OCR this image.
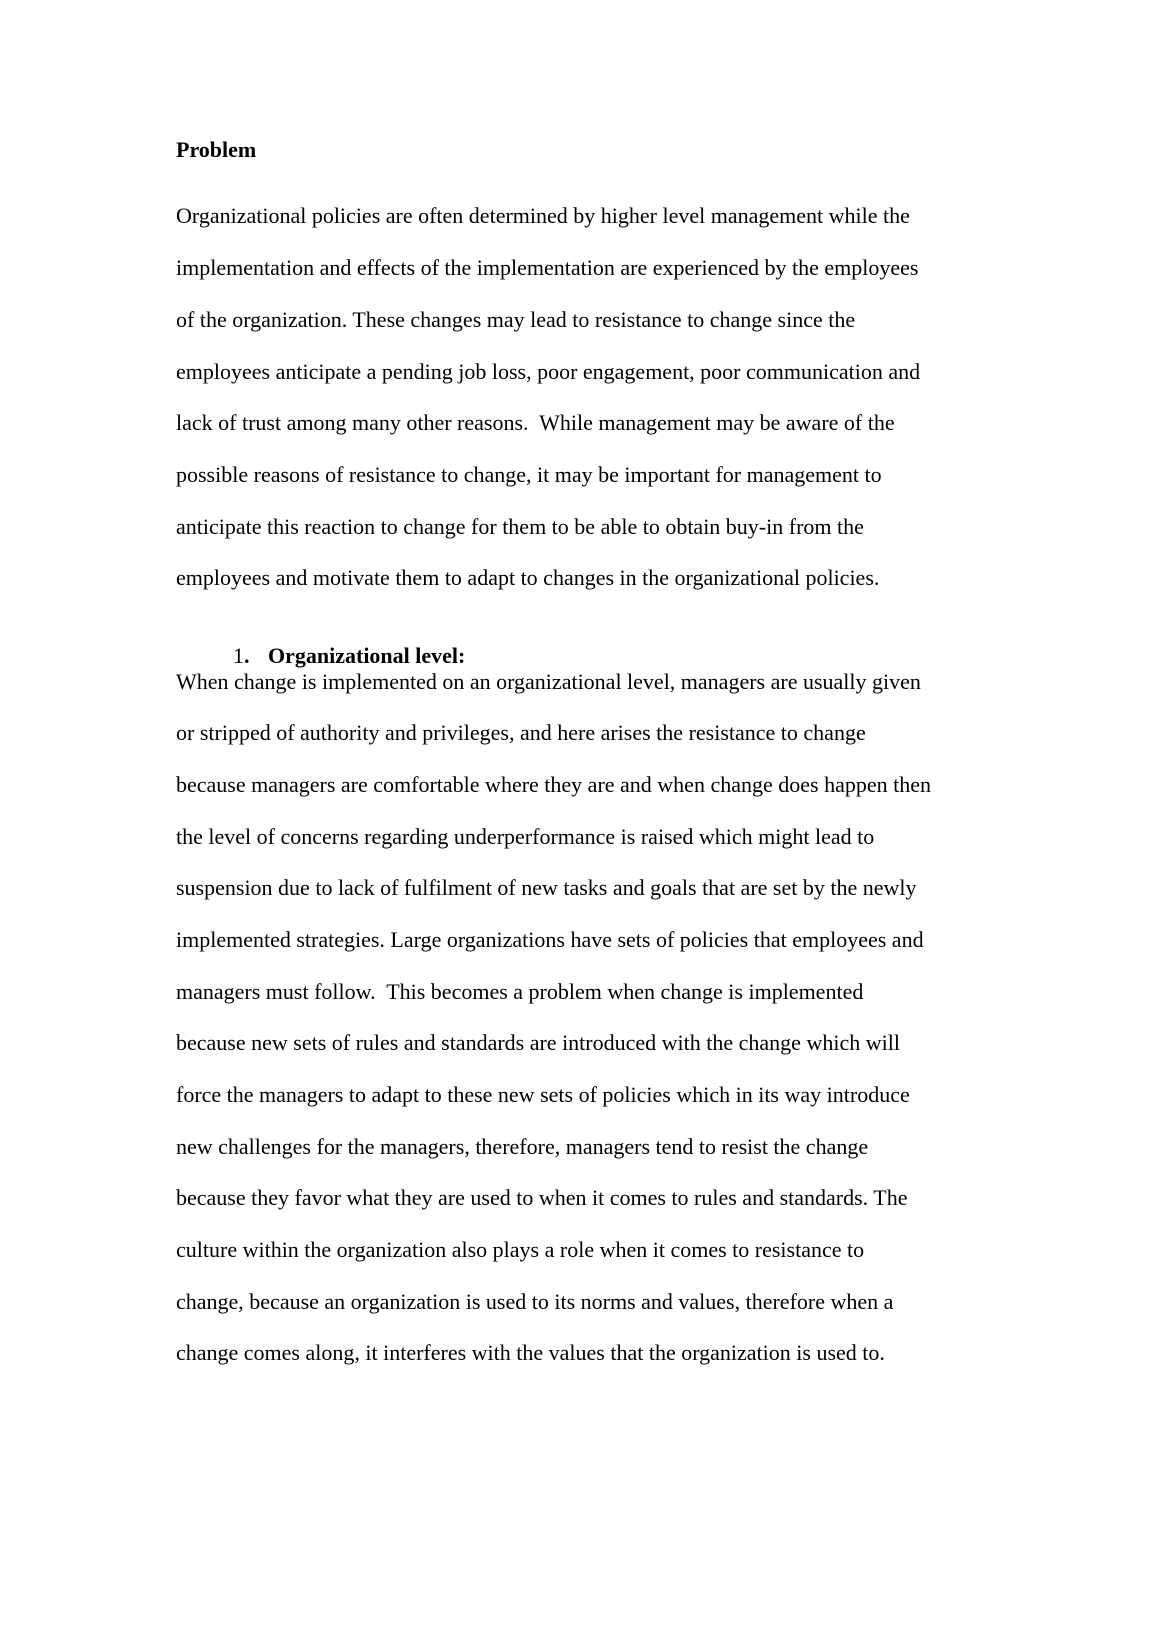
Problem
Organizational policies are often determined by higher level management while the
implementation and effects of the implementation are experienced by the employees
of the organization. These changes may lead to resistance to change since the
employees anticipate a pending job loss, poor engagement, poor communication and
lack of trust among many other reasons.  While management may be aware of the
possible reasons of resistance to change, it may be important for management to
anticipate this reaction to change for them to be able to obtain buy-in from the
employees and motivate them to adapt to changes in the organizational policies.

1. Organizational level:

When change is implemented on an organizational level, managers are usually given
or stripped of authority and privileges, and here arises the resistance to change
because managers are comfortable where they are and when change does happen then
the level of concerns regarding underperformance is raised which might lead to
suspension due to lack of fulfilment of new tasks and goals that are set by the newly
implemented strategies. Large organizations have sets of policies that employees and
managers must follow.  This becomes a problem when change is implemented
because new sets of rules and standards are introduced with the change which will
force the managers to adapt to these new sets of policies which in its way introduce
new challenges for the managers, therefore, managers tend to resist the change
because they favor what they are used to when it comes to rules and standards. The
culture within the organization also plays a role when it comes to resistance to
change, because an organization is used to its norms and values, therefore when a
change comes along, it interferes with the values that the organization is used to.
